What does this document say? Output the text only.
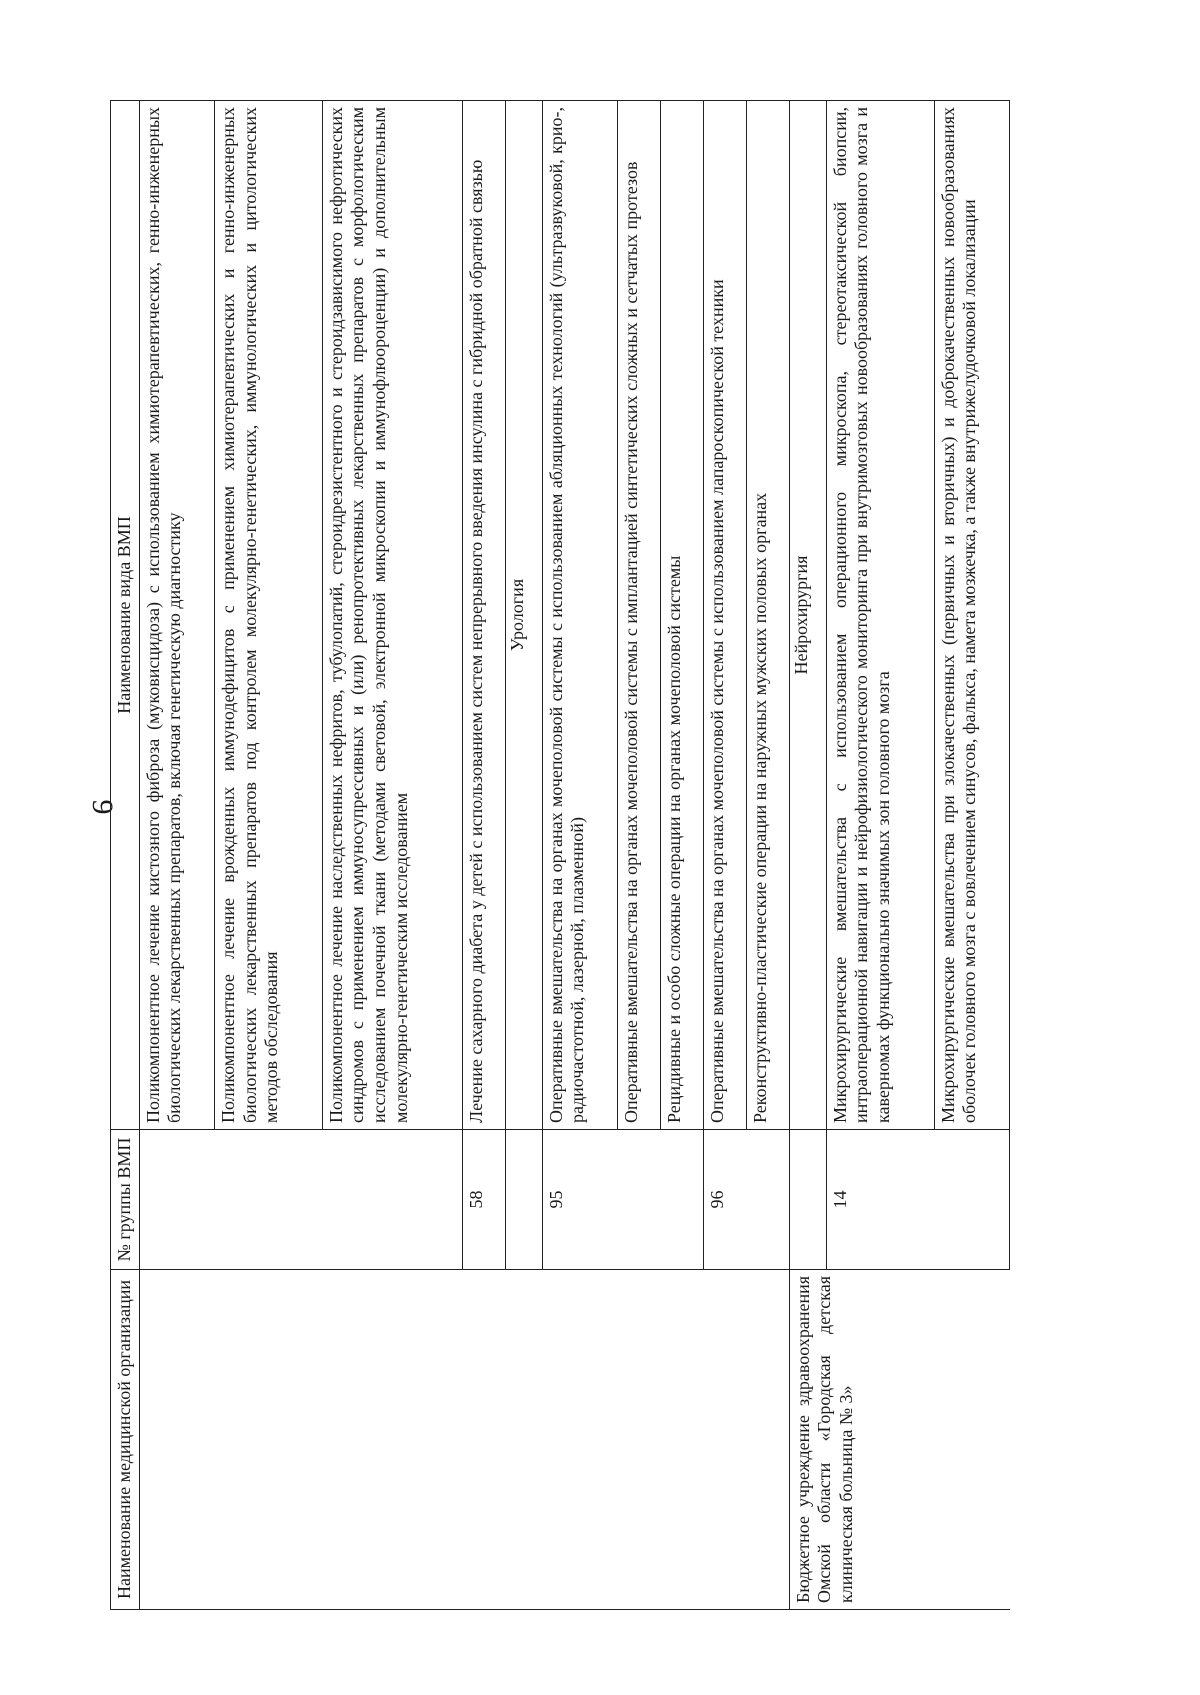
9
Наименование медицинской организации	№ группы ВМП	Наименование вида ВМП
		Поликомпонентное лечение кистозного фиброза (муковисцидоза) с использованием химиотерапевтических, генно-инженерных биологических лекарственных препаратов, включая генетическую диагностику
		Поликомпонентное лечение врожденных иммунодефицитов с применением химиотерапевтических и генно-инженерных биологических лекарственных препаратов под контролем молекулярно-генетических, иммунологических и цитологических методов обследования
		Поликомпонентное лечение наследственных нефритов, тубулопатий, стероидрезистентного и стероидзависимого нефротических синдромов с применением иммуносупрессивных и (или) ренопротективных лекарственных препаратов с морфологическим исследованием почечной ткани (методами световой, электронной микроскопии и иммунофлюороценции) и дополнительным молекулярно-генетическим исследованием
	58	Лечение сахарного диабета у детей с использованием систем непрерывного введения инсулина с гибридной обратной связью
		Урология
	95	Оперативные вмешательства на органах мочеполовой системы с использованием абляционных технологий (ультразвуковой, крио-, радиочастотной, лазерной, плазменной)
		Оперативные вмешательства на органах мочеполовой системы с имплантацией синтетических сложных и сетчатых протезов
		Рецидивные и особо сложные операции на органах мочеполовой системы
	96	Оперативные вмешательства на органах мочеполовой системы с использованием лапароскопической техники
		Реконструктивно-пластические операции на наружных мужских половых органах
Бюджетное учреждение здравоохранения Омской области «Городская детская клиническая больница № 3»		Нейрохирургия
	14	Микрохирургические вмешательства с использованием операционного микроскопа, стереотаксической биопсии, интраоперационной навигации и нейрофизиологического мониторинга при внутримозговых новообразованиях головного мозга и каверномах функционально значимых зон головного мозга
		Микрохирургические вмешательства при злокачественных (первичных и вторичных) и доброкачественных новообразованиях оболочек головного мозга с вовлечением синусов, фалькса, намета мозжечка, а также внутрижелудочковой локализации
